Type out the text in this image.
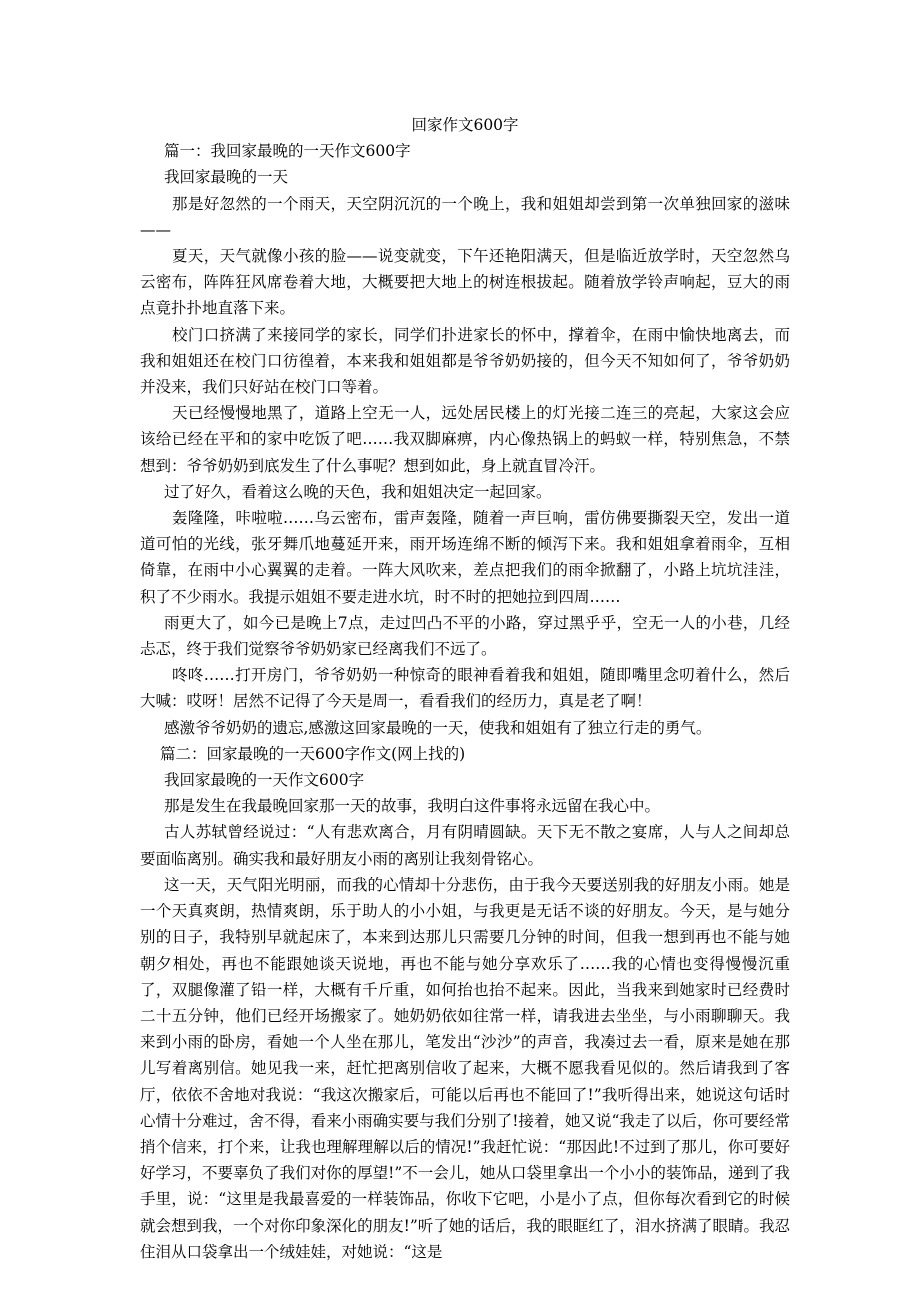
回家作文600字

篇一：我回家最晚的一天作文600字

我回家最晚的一天

那是好忽然的一个雨天，天空阴沉沉的一个晚上，我和姐姐却尝到第一次单独回家的滋味——

夏天，天气就像小孩的脸——说变就变，下午还艳阳满天，但是临近放学时，天空忽然乌云密布，阵阵狂风席卷着大地，大概要把大地上的树连根拔起。随着放学铃声响起，豆大的雨点竟扑扑地直落下来。

校门口挤满了来接同学的家长，同学们扑进家长的怀中，撑着伞，在雨中愉快地离去，而我和姐姐还在校门口彷徨着，本来我和姐姐都是爷爷奶奶接的，但今天不知如何了，爷爷奶奶并没来，我们只好站在校门口等着。

天已经慢慢地黑了，道路上空无一人，远处居民楼上的灯光接二连三的亮起，大家这会应该给已经在平和的家中吃饭了吧……我双脚麻痹，内心像热锅上的蚂蚁一样，特别焦急，不禁想到：爷爷奶奶到底发生了什么事呢？想到如此，身上就直冒冷汗。

过了好久，看着这么晚的天色，我和姐姐决定一起回家。

轰隆隆，咔啦啦……乌云密布，雷声轰隆，随着一声巨响，雷仿佛要撕裂天空，发出一道道可怕的光线，张牙舞爪地蔓延开来，雨开场连绵不断的倾泻下来。我和姐姐拿着雨伞，互相倚靠，在雨中小心翼翼的走着。一阵大风吹来，差点把我们的雨伞掀翻了，小路上坑坑洼洼，积了不少雨水。我提示姐姐不要走进水坑，时不时的把她拉到四周……

雨更大了，如今已是晚上7点，走过凹凸不平的小路，穿过黑乎乎，空无一人的小巷，几经忐忑，终于我们觉察爷爷奶奶家已经离我们不远了。

咚咚……打开房门，爷爷奶奶一种惊奇的眼神看着我和姐姐，随即嘴里念叨着什么，然后大喊：哎呀！居然不记得了今天是周一，看看我们的经历力，真是老了啊！

感激爷爷奶奶的遗忘,感激这回家最晚的一天，使我和姐姐有了独立行走的勇气。

篇二：回家最晚的一天600字作文(网上找的)

我回家最晚的一天作文600字

那是发生在我最晚回家那一天的故事，我明白这件事将永远留在我心中。

古人苏轼曾经说过：“人有悲欢离合，月有阴晴圆缺。天下无不散之宴席，人与人之间却总要面临离别。确实我和最好朋友小雨的离别让我刻骨铭心。

这一天，天气阳光明丽，而我的心情却十分悲伤，由于我今天要送别我的好朋友小雨。她是一个天真爽朗，热情爽朗，乐于助人的小小姐，与我更是无话不谈的好朋友。今天，是与她分别的日子，我特别早就起床了，本来到达那儿只需要几分钟的时间，但我一想到再也不能与她朝夕相处，再也不能跟她谈天说地，再也不能与她分享欢乐了……我的心情也变得慢慢沉重了，双腿像灌了铅一样，大概有千斤重，如何抬也抬不起来。因此，当我来到她家时已经费时二十五分钟，他们已经开场搬家了。她奶奶依如往常一样，请我进去坐坐，与小雨聊聊天。我来到小雨的卧房，看她一个人坐在那儿，笔发出“沙沙”的声音，我凑过去一看，原来是她在那儿写着离别信。她见我一来，赶忙把离别信收了起来，大概不愿我看见似的。然后请我到了客厅，依依不舍地对我说：“我这次搬家后，可能以后再也不能回了!”我听得出来，她说这句话时心情十分难过，舍不得，看来小雨确实要与我们分别了!接着，她又说“我走了以后，你可要经常捎个信来，打个来，让我也理解理解以后的情况!”我赶忙说：“那因此!不过到了那儿，你可要好好学习，不要辜负了我们对你的厚望!”不一会儿，她从口袋里拿出一个小小的装饰品，递到了我手里，说：“这里是我最喜爱的一样装饰品，你收下它吧，小是小了点，但你每次看到它的时候就会想到我，一个对你印象深化的朋友!”听了她的话后，我的眼眶红了，泪水挤满了眼睛。我忍住泪从口袋拿出一个绒娃娃，对她说：“这是
